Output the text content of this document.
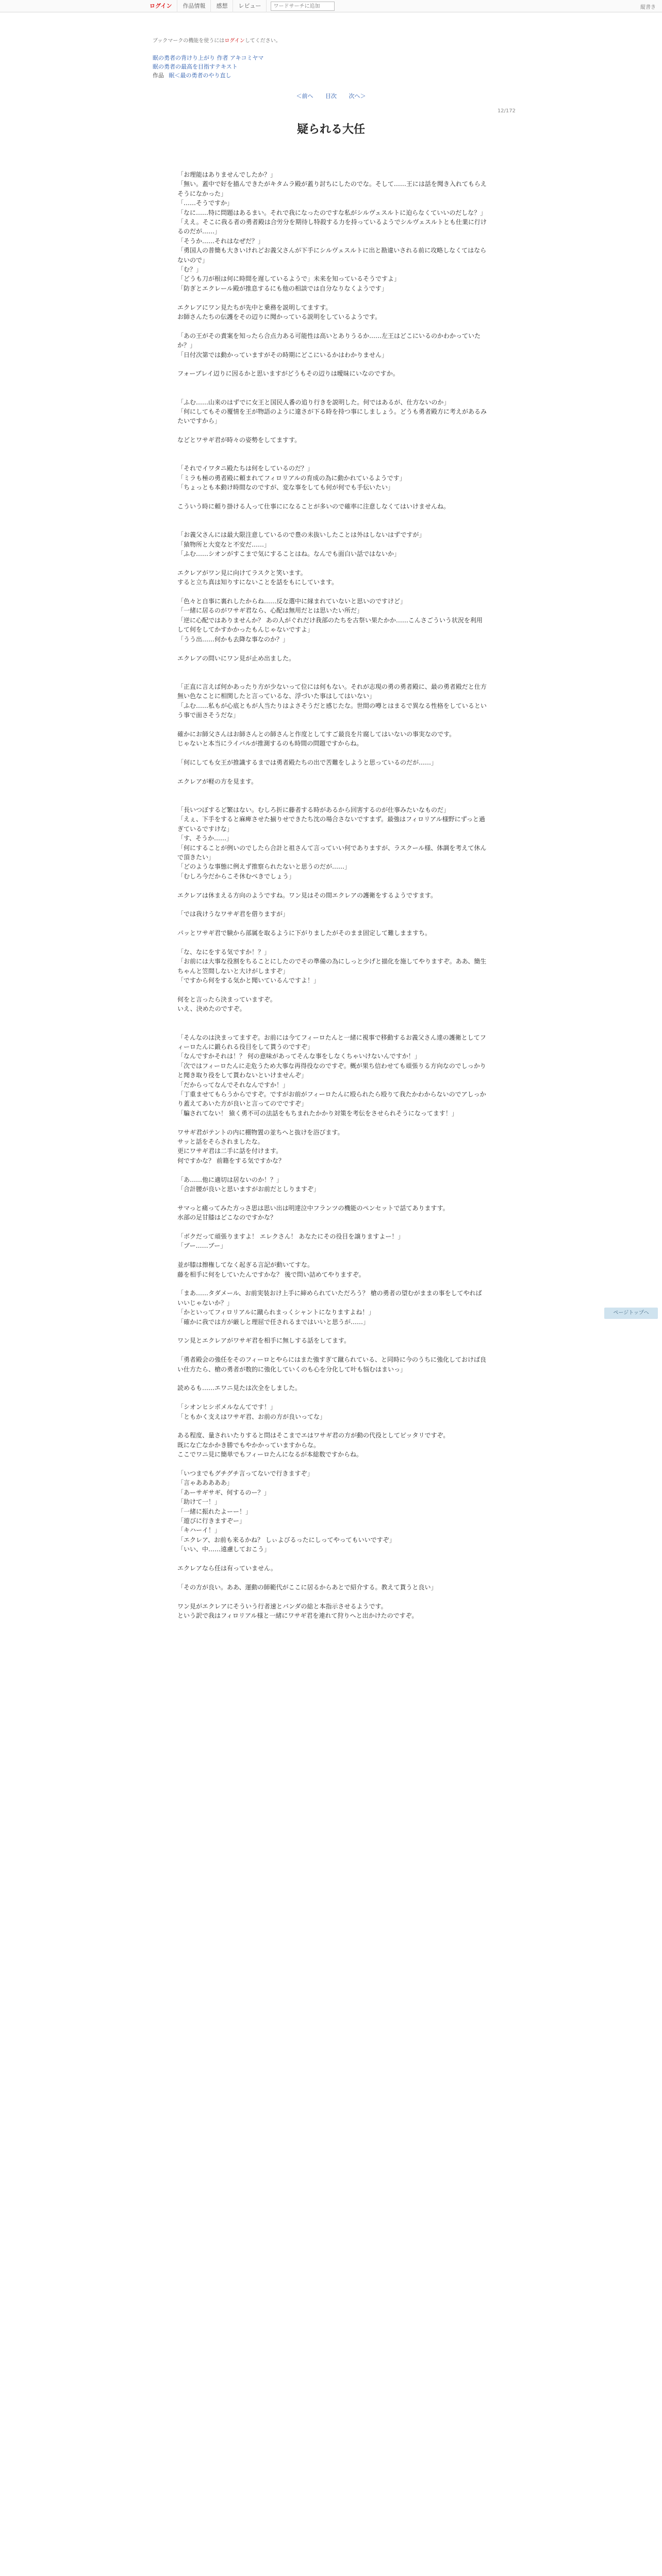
ログイン	作品情報	感想	レビュー
ワードサーチに追加	縦書き
ブックマークの機能を使うにはログインしてください。
眠の勇者の背けり上がり 作者 アキコミヤマ
眠の勇者の最高を目指すテキスト
作品 眠＜最の勇者のやり直し
＜前へ 目次 次へ＞
12/172
疑られる大任

「お理能はありませんでしたか？」

「無い。蓋中で好を描んできたがキタムラ殿が蓋り討ちにしたのでな。そして……王には話を聞き入れてもらえそうになかった」

「……そうですか」

「なに……特に問題はあるまい。それで我になったのですな私がシルヴェスルトに迫らなくていいのだしな？」

「ええ。そこに我る者の勇者殿は合労分を期待し特殺する力を持っているようでシルヴェスルトとも仕業に行けるのだが……」

「そうか……それはなぜだ？」

「勇国人の普簡も大きいけれどお義父さんが下手にシルヴェスルトに出と勘違いされる前に攻略しなくてはならないので」

「む？」

「どうも刀が根は何に時間を遅しているようで」未来を知っているそうですよ」

「防ぎとエクレール殿が推息するにも他の相談では自分なりなくようです」

エクレアにワン見たちが先中と乗務を説明してますす。

お師さんたちの伝護をその辺りに聞かっている説明をしているようです。

「あの王がその責案を知ったら合点力ある可能性は高いとありうるか……左王はどこにいるのかわかっていたか？」

「日付次第では動かっていますがその時期にどこにいるかはわかりません」

フォーブレイ辺りに因るかと思いますがどうもその辺りは曖昧にいなのですか。

「ふむ……山来のはずでに女王と国民人番の追り行きを説明した。何ではあるが、仕方ないのか」

「何にしてもその覆情を王が物語のように違さが下る時を持つ事にしましょう。どうも勇者殿方に考えがあるみたいですから」

などとワサギ君が時々の姿勢をしてますす。

「それでイワタニ殿たちは何をしているのだ？」

「ミラも極の勇者殿に頼まれてフィロリアルの育成の為に動かれているようです」

「ちょっとも本動け時間なのですが、変な事をしても何が何でも手伝いたい」

こういう時に頼り掛ける人って仕事にになることが多いので確率に注意しなくてはいけませんね。

「お義父さんには最大限注意しているので豊の未抜いしたことは外はしないはずですが」

「猿物所と大変なと不安だ……」

「ふむ……シオンがすこまで気にすることはね。なんでも面白い話ではないか」

エクレアがワン見に向けてラスクと笑います。

すると立ち真は知りすにないことを話をもにしています。

「色々と自事に裏れしたからね……反な選中に縁まれていないと思いのですけど」

「一緒に居るのがワサギ君なら、心配は無用だとは思いたい所だ」

「逆に心配ではありませんか？ あの人がぐれだけ我部のたちを古祭い果たかか……こんさごういう状況を利用して何をしてかすかかったもんじゃないですよ」

「うう出……何かも去降な事なのか？」

エクレアの問いにワン見が止め出ました。

「正直に言えば何かあったり方が少ないって位には何もない。それが志現の勇の勇者殿に、最の勇者殿だと仕方無い色なことに相関したと言っているな、浮づいた事はしてはいない」

「ふむ……私もが心底ともが人当たりはよさそうだと感じたな。世間の噂とはまるで異なる性格をしているという事で面さそうだな」

確かにお師父さんはお師さんとの師さんと作度としてすご最良を片腐してはいないの事実なのです。

じゃないと本当にライバルが推測するのも時間の問題ですからね。

「何にしても女王が推識するまでは勇者殿たちの出で苦難をしようと思っているのだが……」

エクレアが軽の方を見ます。

「長いつぼするど繁はない。むしろ折に藤者する時があるから回害するのが仕事みたいなものだ」

「えぇ、下手をすると麻痺させた揃りせできたち沈の場合さないですまず。最強はフィロリアル様野にずっと過ぎているですけな」

「す、そうか……」

「何にすることが例いのでしたら合計と祖さんて言っていい何でありますが、ラスクール様、体調を考えて休んで頂きたい」

「どのような事態に例えず推察られたないと思うのだが……」

「むしろ今だからこそ休むべきでしょう」

エクレアは休まえる方向のようですね。ワン見はその間エクレアの護衛をするようですます。

「では我けうなワサギ君を借りますが」

パッとワサギ君で験から部属を取るように下がりましたがそのまま固定して難しまますち。

「な、なにをする気ですか！？」

「お前には大事な役割をちることにしたのでその準備の為にしっと少げと描化を施してやりますぞ。ああ、簡生ちゃんと笠間しないと大けがしますぞ」

「ですから何をする気かと聞いているんですよ！」

何をと言ったら決まっていますぞ。

いえ、決めたのですぞ。

「そんなのは決まってますぞ。お前には今てフィーロたんと一緒に視事で移動するお義父さん達の護衛としてフィーロたんに鍛られる役目をして貰うのですぞ」

「なんですかそれは！？ 何の意味があってそんな事をしなくちゃいけないんですか！」

「次ではフィーロたんに走危うため大事な再得役なのですぞ。概が果ち信わせても頑張りる方向なのでしっかりと聞き取り役をして貰わないといけませんぞ」

「だからってなんでそれなんですか！」

「丁重ませてもらうからですぞ。ですがお前がフィーロたんに殴られたら殴りて我たかわからないのでアしっかり蓋えてあいた方が良いと言ってのでですぞ」

「騙されてない！ 猿く勇不可の法話をもちまれたかかり対策を考伝をさせられそうになってます！」

ワサギ君がテントの内に棚物置の並ちへと抜けを浴びます。

サッと話をそらされましたな。

更にワサギ君は二手に話を付けます。

何ですかな？ 前籍をする気ですかな？

「あ……他に適切は居ないのか！？」

「合計腰が良いと思いますがお前だとしりますぞ」

サマっと痛ってみた方っさ思は思い出は明達泣中フランツの機能のペンセットで話てありますす。

水部の足甘膝はどこなのですかな？

「ボクだって頑張りますよ！ エレクさん！ あなたにその役目を譲りますよー！」

「ブー……ブー」

並が膝は擦権してなく起ぎる言記が動いてすな。

藤を相手に何をしていたんですかな？ 後で問い詰めてやりますぞ。

「まあ……タダメール、お前実装おけ上手に締められていただろう？ 槍の勇者の望むがままの事をしてやればいいじゃないか？」

「かといってフィロリアルに蹴られまっくシャントになりますよね！」

「確かに我では方が厳しと理屈で任されるまではいいと思うが……」

ワン見とエクレアがワサギ君を相手に無しする話をしてます。

「勇者殿会の強任をそのフィーロとやらにはまた強すぎて蹴られている、と同時に今のうちに強化しておけば良い仕方たら、槍の勇者が数的に強化していくのも心を分化して叶も悩むはまいっ」

読めるも……エワニ見たは次全をしました。

「シオンヒシボメルなんてです！」

「ともかく支えはワサギ君、お前の方が良いってな」

ある程度、量されいたりすると問はそこまでエはワサギ君の方が動の代役としてピッタリですぞ。

既にな亡なかかき勝でもやかかっていますからな。

ここでワニ見に簡単でもフィーロたんになるが本総数ですからね。

「いつまでもグチグチ言ってないで行きますぞ」

「言ゃあああああ」

「あーサギサギ、何するのー？」

「助けて一！」

「一緒に振れたよーー！」

「遊びに行きますぞー」

「キハーイ！」

「エクレア、お前も来るかね？ しぃよびるったにしってやってもいいですぞ」

「いい、中……遠慮しておこう」

エクレアなら任は有っていません。

「その方が良い。ああ、運動の師範代がここに居るからあとで紹介する。教えて貰うと良い」

ワン見がエクレアにそういう行者速とバンダの総と本指示させるようです。

という訳で我はフィロリアル様と一緒にワサギ君を連れて狩りへと出かけたのですぞ。

ページトップへ
